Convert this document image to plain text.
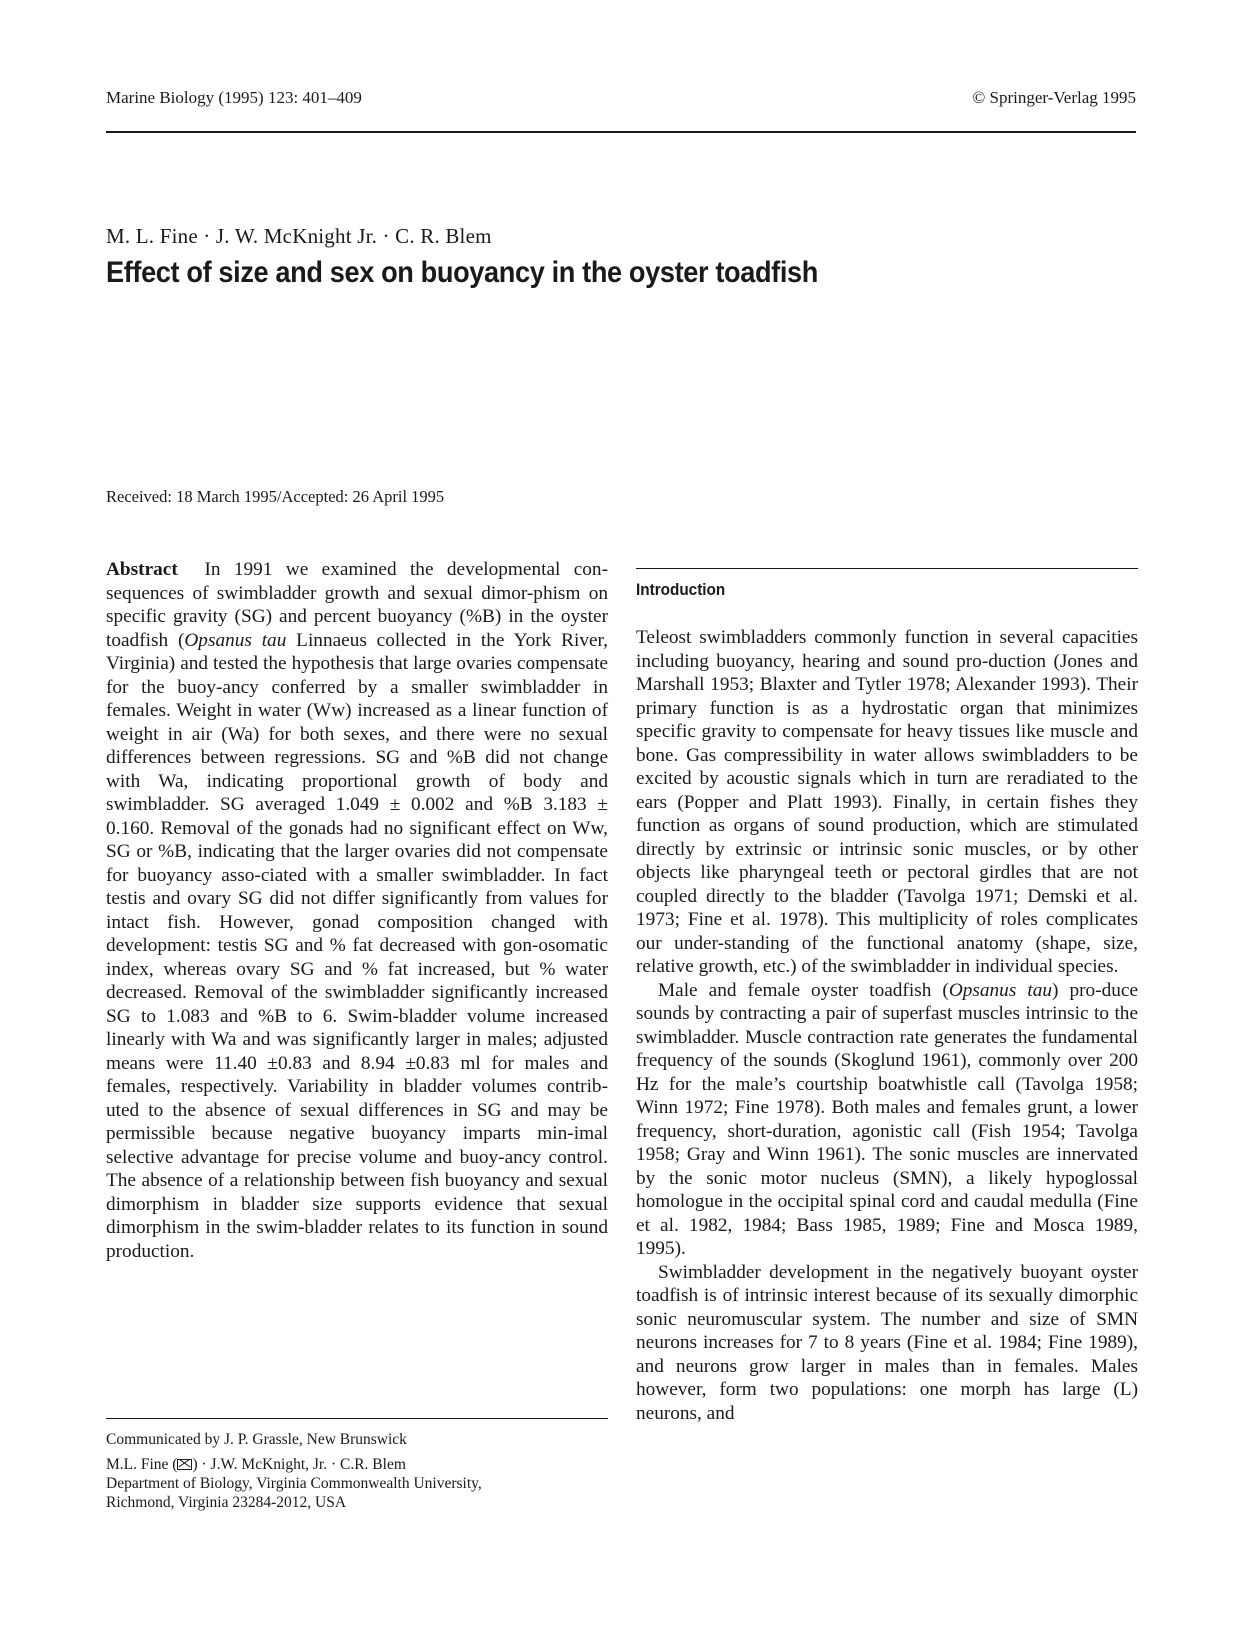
Marine Biology (1995) 123: 401–409	© Springer-Verlag 1995
M. L. Fine · J. W. McKnight Jr. · C. R. Blem
Effect of size and sex on buoyancy in the oyster toadfish
Received: 18 March 1995/Accepted: 26 April 1995

Abstract In 1991 we examined the developmental con-sequences of swimbladder growth and sexual dimor-phism on specific gravity (SG) and percent buoyancy (%B) in the oyster toadfish (Opsanus tau Linnaeus collected in the York River, Virginia) and tested the hypothesis that large ovaries compensate for the buoy-ancy conferred by a smaller swimbladder in females. Weight in water (Ww) increased as a linear function of weight in air (Wa) for both sexes, and there were no sexual differences between regressions. SG and %B did not change with Wa, indicating proportional growth of body and swimbladder. SG averaged 1.049 ± 0.002 and %B 3.183 ± 0.160. Removal of the gonads had no significant effect on Ww, SG or %B, indicating that the larger ovaries did not compensate for buoyancy asso-ciated with a smaller swimbladder. In fact testis and ovary SG did not differ significantly from values for intact fish. However, gonad composition changed with development: testis SG and % fat decreased with gon-osomatic index, whereas ovary SG and % fat increased, but % water decreased. Removal of the swimbladder significantly increased SG to 1.083 and %B to 6. Swim-bladder volume increased linearly with Wa and was significantly larger in males; adjusted means were 11.40 ±0.83 and 8.94 ±0.83 ml for males and females, respectively. Variability in bladder volumes contrib-uted to the absence of sexual differences in SG and may be permissible because negative buoyancy imparts min-imal selective advantage for precise volume and buoy-ancy control. The absence of a relationship between fish buoyancy and sexual dimorphism in bladder size supports evidence that sexual dimorphism in the swim-bladder relates to its function in sound production.

Introduction

Teleost swimbladders commonly function in several capacities including buoyancy, hearing and sound pro-duction (Jones and Marshall 1953; Blaxter and Tytler 1978; Alexander 1993). Their primary function is as a hydrostatic organ that minimizes specific gravity to compensate for heavy tissues like muscle and bone. Gas compressibility in water allows swimbladders to be excited by acoustic signals which in turn are reradiated to the ears (Popper and Platt 1993). Finally, in certain fishes they function as organs of sound production, which are stimulated directly by extrinsic or intrinsic sonic muscles, or by other objects like pharyngeal teeth or pectoral girdles that are not coupled directly to the bladder (Tavolga 1971; Demski et al. 1973; Fine et al. 1978). This multiplicity of roles complicates our under-standing of the functional anatomy (shape, size, relative growth, etc.) of the swimbladder in individual species.

Male and female oyster toadfish (Opsanus tau) pro-duce sounds by contracting a pair of superfast muscles intrinsic to the swimbladder. Muscle contraction rate generates the fundamental frequency of the sounds (Skoglund 1961), commonly over 200 Hz for the male’s courtship boatwhistle call (Tavolga 1958; Winn 1972; Fine 1978). Both males and females grunt, a lower frequency, short-duration, agonistic call (Fish 1954; Tavolga 1958; Gray and Winn 1961). The sonic muscles are innervated by the sonic motor nucleus (SMN), a likely hypoglossal homologue in the occipital spinal cord and caudal medulla (Fine et al. 1982, 1984; Bass 1985, 1989; Fine and Mosca 1989, 1995).

Swimbladder development in the negatively buoyant oyster toadfish is of intrinsic interest because of its sexually dimorphic sonic neuromuscular system. The number and size of SMN neurons increases for 7 to 8 years (Fine et al. 1984; Fine 1989), and neurons grow larger in males than in females. Males however, form two populations: one morph has large (L) neurons, and

Communicated by J. P. Grassle, New Brunswick
M.L. Fine ( ) · J.W. McKnight, Jr. · C.R. Blem
Department of Biology, Virginia Commonwealth University,
Richmond, Virginia 23284-2012, USA
